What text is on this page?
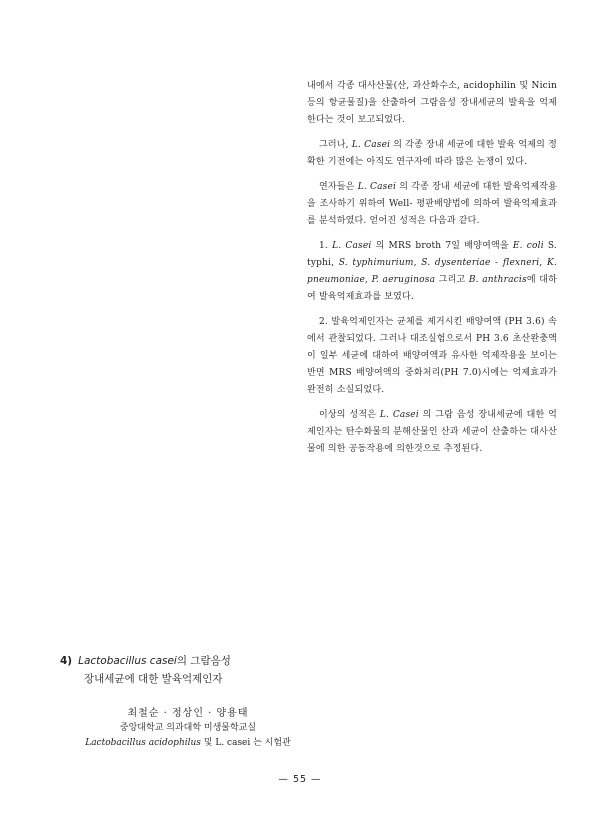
내에서 각종 대사산물(산, 과산화수소, acidophilin 및 Nicin 등의 항균물질)을 산출하여 그람음성 장내세균의 발육을 억제한다는 것이 보고되었다.

그러나, L. Casei 의 각종 장내 세균에 대한 발육 억제의 정확한 기전에는 아직도 연구자에 따라 많은 논쟁이 있다.

연자들은 L. Casei 의 각종 장내 세균에 대한 발육억제작용을 조사하기 위하여 Well- 평판배양법에 의하여 발육억제효과를 분석하였다. 얻어진 성적은 다음과 같다.

1. L. Casei 의 MRS broth 7일 배양여액을 E. coli S. typhi, S. typhimurium, S. dysenteriae - flexneri, K. pneumoniae, P. aeruginosa 그리고 B. anthracis에 대하여 발육억제효과를 보였다.

2. 발육억제인자는 균체를 제거시킨 배양여액 (PH 3.6) 속에서 관찰되었다. 그러나 대조실험으로서 PH 3.6 초산완충액이 일부 세균에 대하여 배양여액과 유사한 억제작용을 보이는 반면 MRS 배양여액의 중화처리(PH 7.0)시에는 억제효과가 완전히 소실되었다.

이상의 성적은 L. Casei 의 그람 음성 장내세균에 대한 억제인자는 탄수화물의 분해산물인 산과 세균이 산출하는 대사산물에 의한 공동작용에 의한것으로 추정된다.

4) Lactobacillus casei의 그람음성
장내세균에 대한 발육억제인자
최철순 · 정상인 · 양용태
중앙대학교 의과대학 미생물학교실
Lactobacillus acidophilus 및 L. casei 는 시험관
— 55 —
